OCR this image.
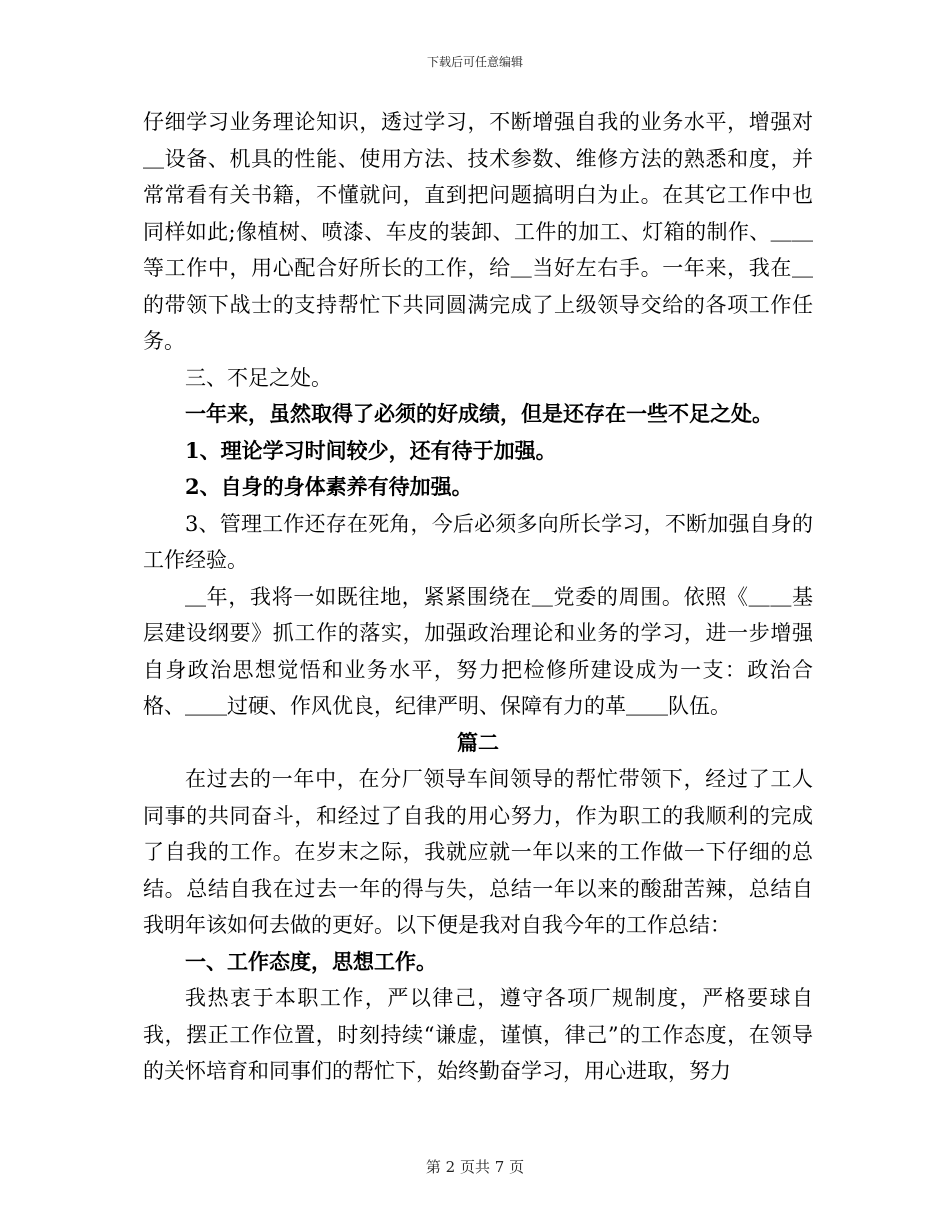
下载后可任意编辑

仔细学习业务理论知识，透过学习，不断增强自我的业务水平，增强对＿设备、机具的性能、使用方法、技术参数、维修方法的熟悉和度，并常常看有关书籍，不懂就问，直到把问题搞明白为止。在其它工作中也同样如此;像植树、喷漆、车皮的装卸、工件的加工、灯箱的制作、＿＿等工作中，用心配合好所长的工作，给＿当好左右手。一年来，我在＿的带领下战士的支持帮忙下共同圆满完成了上级领导交给的各项工作任务。

三、不足之处。

一年来，虽然取得了必须的好成绩，但是还存在一些不足之处。

1、理论学习时间较少，还有待于加强。

2、自身的身体素养有待加强。

3、管理工作还存在死角，今后必须多向所长学习，不断加强自身的工作经验。

＿年，我将一如既往地，紧紧围绕在＿党委的周围。依照《＿＿基层建设纲要》抓工作的落实，加强政治理论和业务的学习，进一步增强自身政治思想觉悟和业务水平，努力把检修所建设成为一支：政治合格、＿＿过硬、作风优良，纪律严明、保障有力的革＿＿队伍。

篇二

在过去的一年中，在分厂领导车间领导的帮忙带领下，经过了工人同事的共同奋斗，和经过了自我的用心努力，作为职工的我顺利的完成了自我的工作。在岁末之际，我就应就一年以来的工作做一下仔细的总结。总结自我在过去一年的得与失，总结一年以来的酸甜苦辣，总结自我明年该如何去做的更好。以下便是我对自我今年的工作总结：

一、工作态度，思想工作。

我热衷于本职工作，严以律己，遵守各项厂规制度，严格要球自我，摆正工作位置，时刻持续“谦虚，谨慎，律己”的工作态度，在领导的关怀培育和同事们的帮忙下，始终勤奋学习，用心进取，努力

第 2 页共 7 页
